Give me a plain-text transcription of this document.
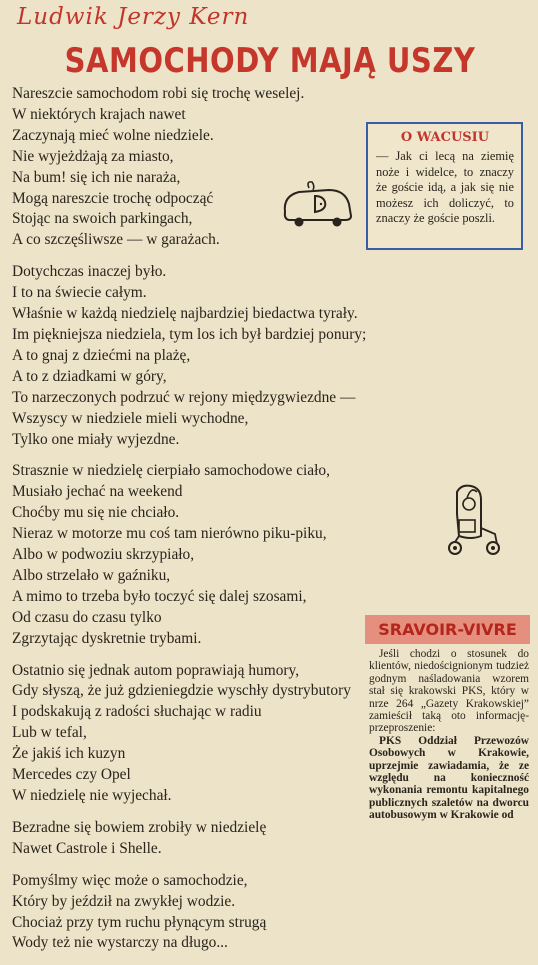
Ludwik Jerzy Kern
SAMOCHODY MAJĄ USZY
Nareszcie samochodom robi się trochę weselej.
W niektórych krajach nawet
Zaczynają mieć wolne niedziele.
Nie wyjeżdżają za miasto,
Na bum! się ich nie naraża,
Mogą nareszcie trochę odpocząć
Stojąc na swoich parkingach,
A co szczęśliwsze — w garażach.
Dotychczas inaczej było.
I to na świecie całym.
Właśnie w każdą niedzielę najbardziej biedactwa tyrały.
Im piękniejsza niedziela, tym los ich był bardziej ponury;
A to gnaj z dziećmi na plażę,
A to z dziadkami w góry,
To narzeczonych podrzuć w rejony międzygwiezdne —
Wszyscy w niedziele mieli wychodne,
Tylko one miały wyjezdne.
Strasznie w niedzielę cierpiało samochodowe ciało,
Musiało jechać na weekend
Choćby mu się nie chciało.
Nieraz w motorze mu coś tam nierówno piku-piku,
Albo w podwoziu skrzypiało,
Albo strzelało w gaźniku,
A mimo to trzeba było toczyć się dalej szosami,
Od czasu do czasu tylko
Zgrzytając dyskretnie trybami.
Ostatnio się jednak autom poprawiają humory,
Gdy słyszą, że już gdzieniegdzie wyschły dystrybutory
I podskakują z radości słuchając w radiu
Lub w tefal,
Że jakiś ich kuzyn
Mercedes czy Opel
W niedzielę nie wyjechał.
Bezradne się bowiem zrobiły w niedzielę
Nawet Castrole i Shelle.
Pomyślmy więc może o samochodzie,
Który by jeździł na zwykłej wodzie.
Chociaż przy tym ruchu płynącym strugą
Wody też nie wystarczy na długo...
O WACUSIU
— Jak ci lecą na ziemię noże i widelce, to znaczy że goście idą, a jak się nie możesz ich doliczyć, to znaczy że goście poszli.
SRAVOIR-VIVRE

Jeśli chodzi o stosunek do klientów, niedoścignionym tudzież godnym naśladowania wzorem stał się krakowski PKS, który w nrze 264 „Gazety Krakowskiej” zamieścił taką oto informację-przeproszenie:

PKS Oddział Przewozów Osobowych w Krakowie, uprzejmie zawiadamia, że ze względu na konieczność wykonania remontu kapitalnego publicznych szaletów na dworcu autobusowym w Krakowie od
